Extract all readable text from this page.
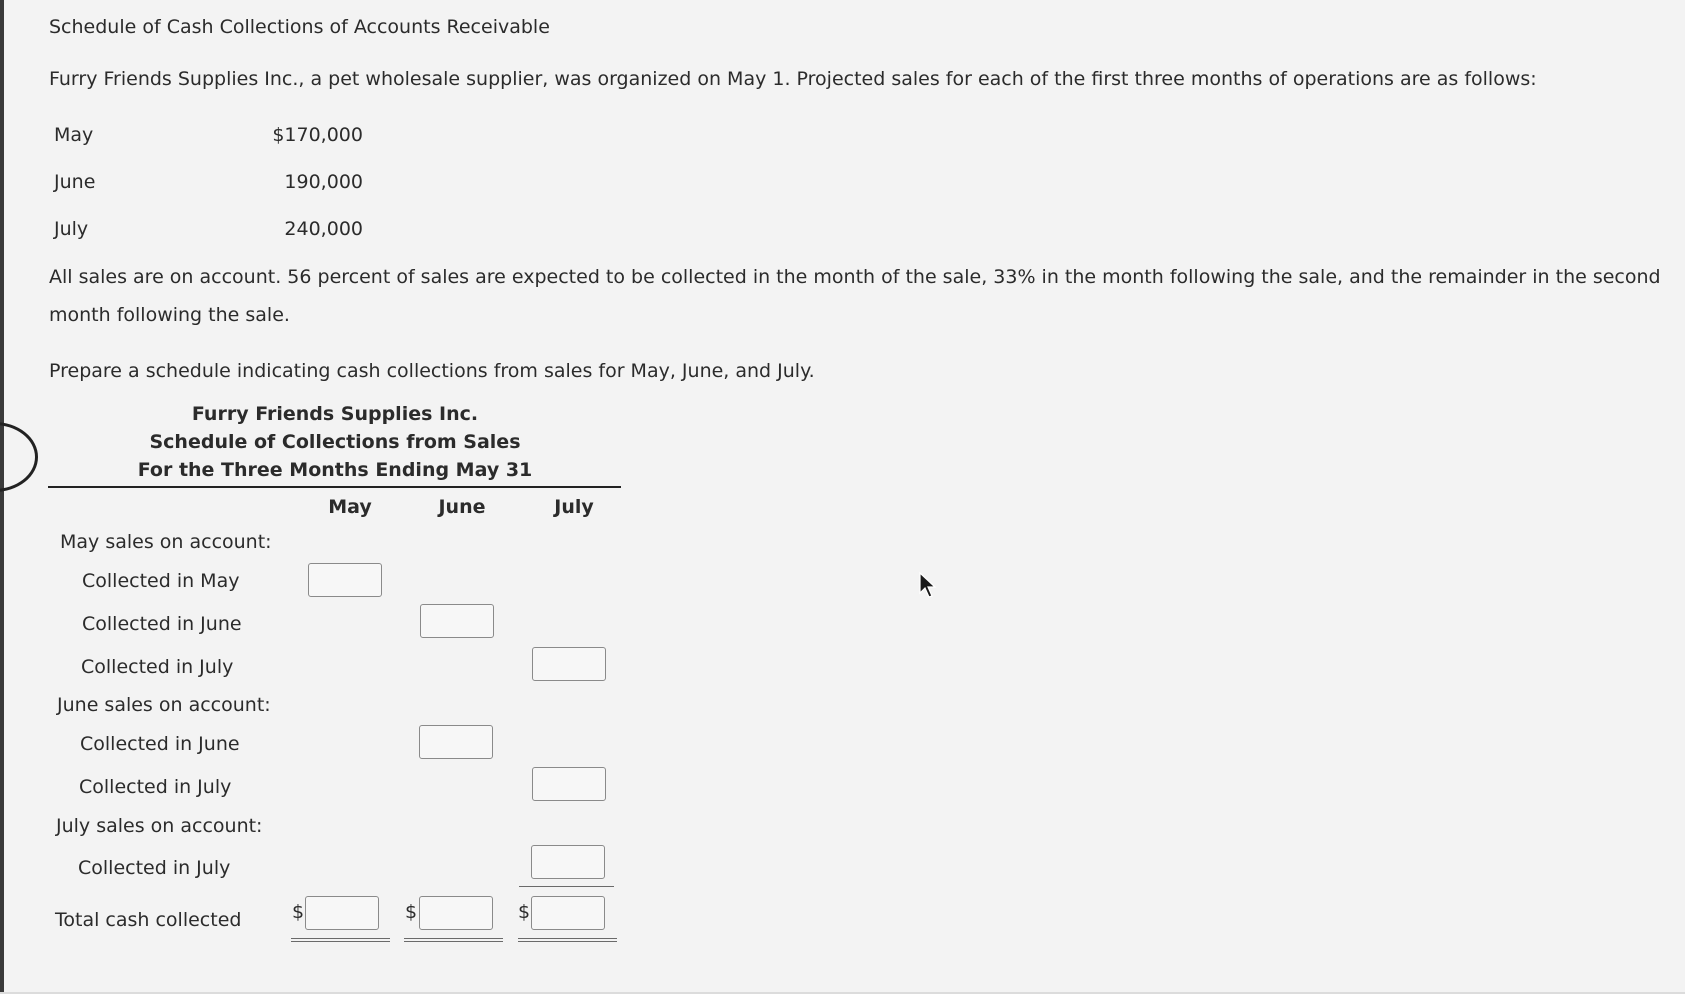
Schedule of Cash Collections of Accounts Receivable
Furry Friends Supplies Inc., a pet wholesale supplier, was organized on May 1. Projected sales for each of the first three months of operations are as follows:
May	$170,000
June	190,000
July	240,000
All sales are on account. 56 percent of sales are expected to be collected in the month of the sale, 33% in the month following the sale, and the remainder in the second
month following the sale.
Prepare a schedule indicating cash collections from sales for May, June, and July.
Furry Friends Supplies Inc.
Schedule of Collections from Sales
For the Three Months Ending May 31
May	June	July
May sales on account:
Collected in May
Collected in June
Collected in July
June sales on account:
Collected in June
Collected in July
July sales on account:
Collected in July
Total cash collected	$	$	$
